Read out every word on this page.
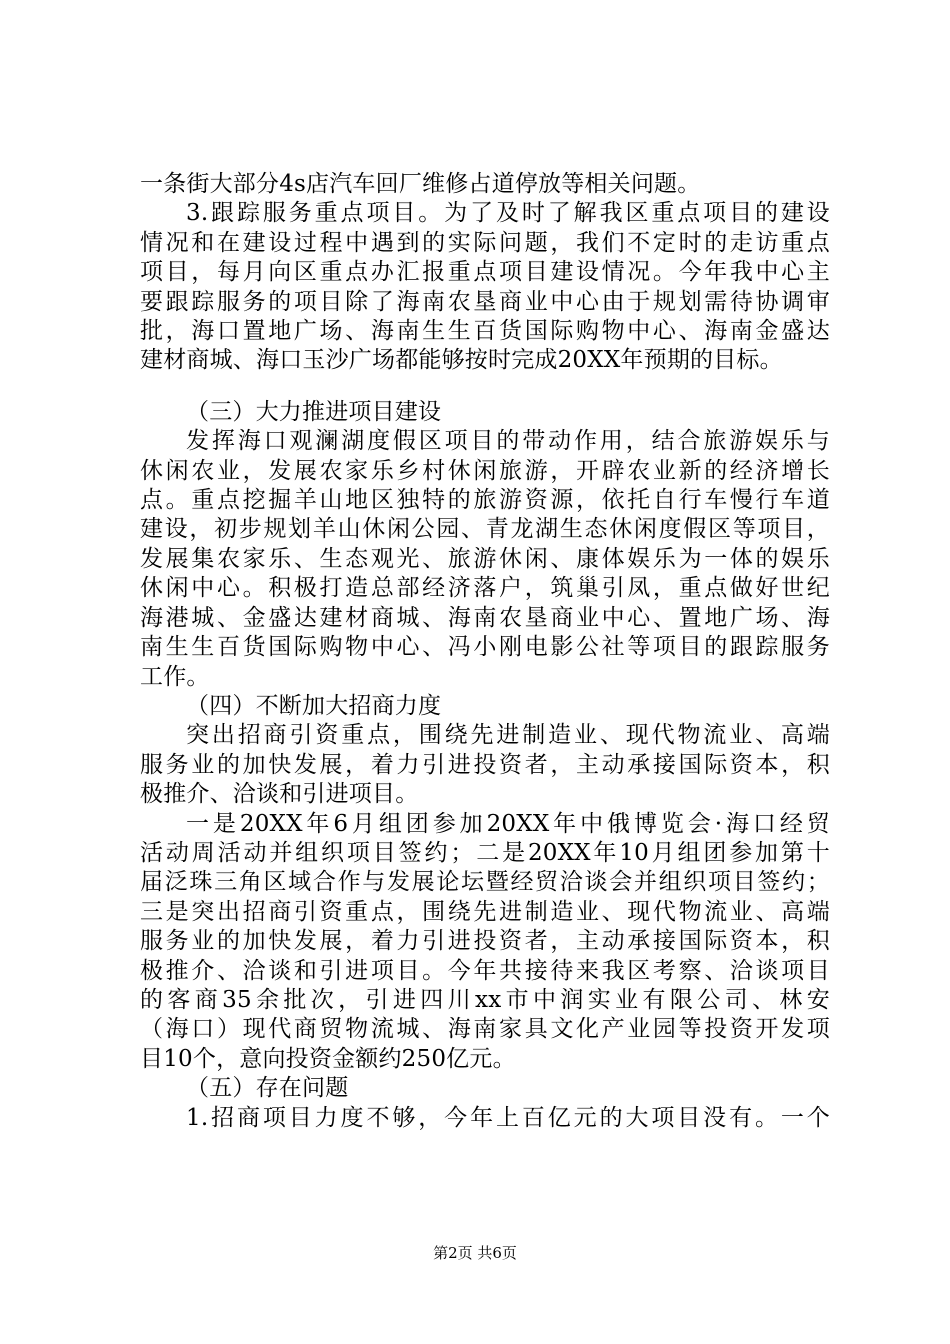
一条街大部分4s店汽车回厂维修占道停放等相关问题。
3.跟踪服务重点项目。为了及时了解我区重点项目的建设
情况和在建设过程中遇到的实际问题，我们不定时的走访重点
项目，每月向区重点办汇报重点项目建设情况。今年我中心主
要跟踪服务的项目除了海南农垦商业中心由于规划需待协调审
批，海口置地广场、海南生生百货国际购物中心、海南金盛达
建材商城、海口玉沙广场都能够按时完成20XX年预期的目标。
（三）大力推进项目建设
发挥海口观澜湖度假区项目的带动作用，结合旅游娱乐与
休闲农业，发展农家乐乡村休闲旅游，开辟农业新的经济增长
点。重点挖掘羊山地区独特的旅游资源，依托自行车慢行车道
建设，初步规划羊山休闲公园、青龙湖生态休闲度假区等项目，
发展集农家乐、生态观光、旅游休闲、康体娱乐为一体的娱乐
休闲中心。积极打造总部经济落户，筑巢引凤，重点做好世纪
海港城、金盛达建材商城、海南农垦商业中心、置地广场、海
南生生百货国际购物中心、冯小刚电影公社等项目的跟踪服务
工作。
（四）不断加大招商力度
突出招商引资重点，围绕先进制造业、现代物流业、高端
服务业的加快发展，着力引进投资者，主动承接国际资本，积
极推介、洽谈和引进项目。
一是20XX年6月组团参加20XX年中俄博览会·海口经贸
活动周活动并组织项目签约；二是20XX年10月组团参加第十
届泛珠三角区域合作与发展论坛暨经贸洽谈会并组织项目签约；
三是突出招商引资重点，围绕先进制造业、现代物流业、高端
服务业的加快发展，着力引进投资者，主动承接国际资本，积
极推介、洽谈和引进项目。今年共接待来我区考察、洽谈项目
的客商35余批次，引进四川xx市中润实业有限公司、林安
（海口）现代商贸物流城、海南家具文化产业园等投资开发项
目10个，意向投资金额约250亿元。
（五）存在问题
1.招商项目力度不够，今年上百亿元的大项目没有。一个
第2页 共6页
